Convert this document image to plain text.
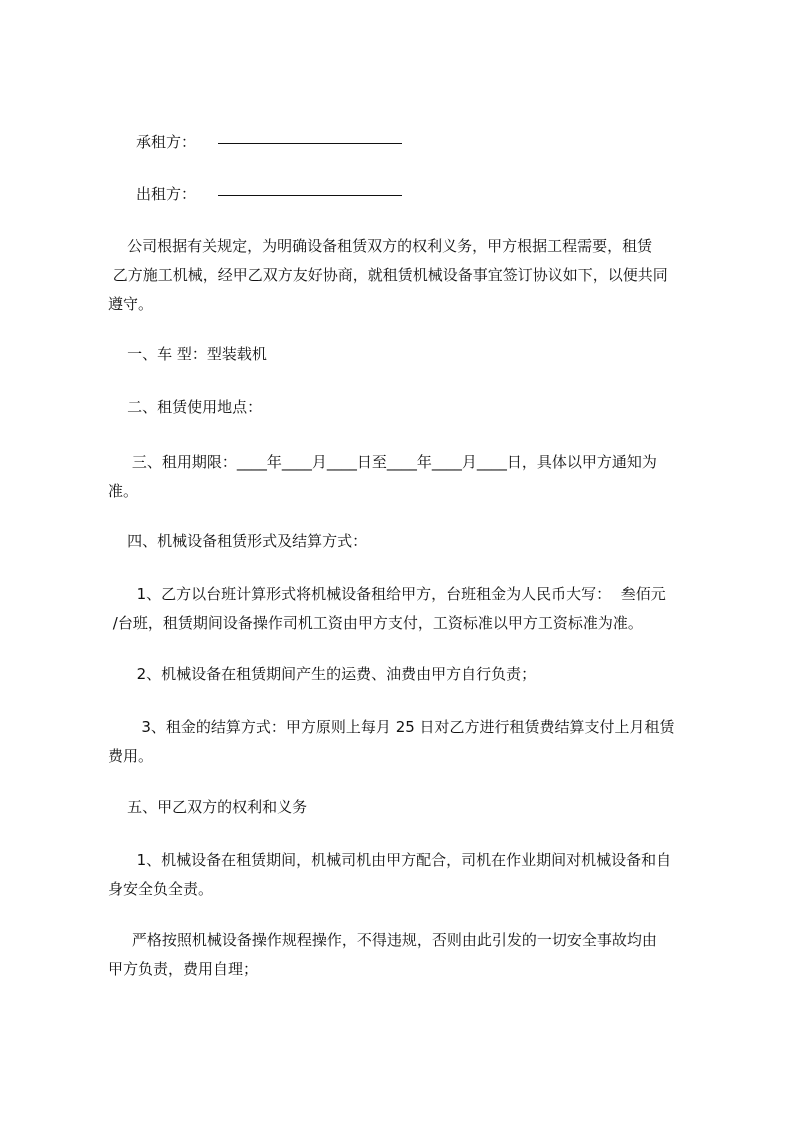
承租方：
出租方：
公司根据有关规定，为明确设备租赁双方的权利义务，甲方根据工程需要，租赁
乙方施工机械，经甲乙双方友好协商，就租赁机械设备事宜签订协议如下，以便共同
遵守。
一、车 型：型装载机
二、租赁使用地点：
三、租用期限：____年____月____日至____年____月____日，具体以甲方通知为
准。
四、机械设备租赁形式及结算方式：
1、乙方以台班计算形式将机械设备租给甲方，台班租金为人民币大写：  叁佰元
/台班，租赁期间设备操作司机工资由甲方支付，工资标准以甲方工资标准为准。
2、机械设备在租赁期间产生的运费、油费由甲方自行负责；
3、租金的结算方式：甲方原则上每月 25 日对乙方进行租赁费结算支付上月租赁
费用。
五、甲乙双方的权利和义务
1、机械设备在租赁期间，机械司机由甲方配合，司机在作业期间对机械设备和自
身安全负全责。
严格按照机械设备操作规程操作，不得违规，否则由此引发的一切安全事故均由
甲方负责，费用自理；
